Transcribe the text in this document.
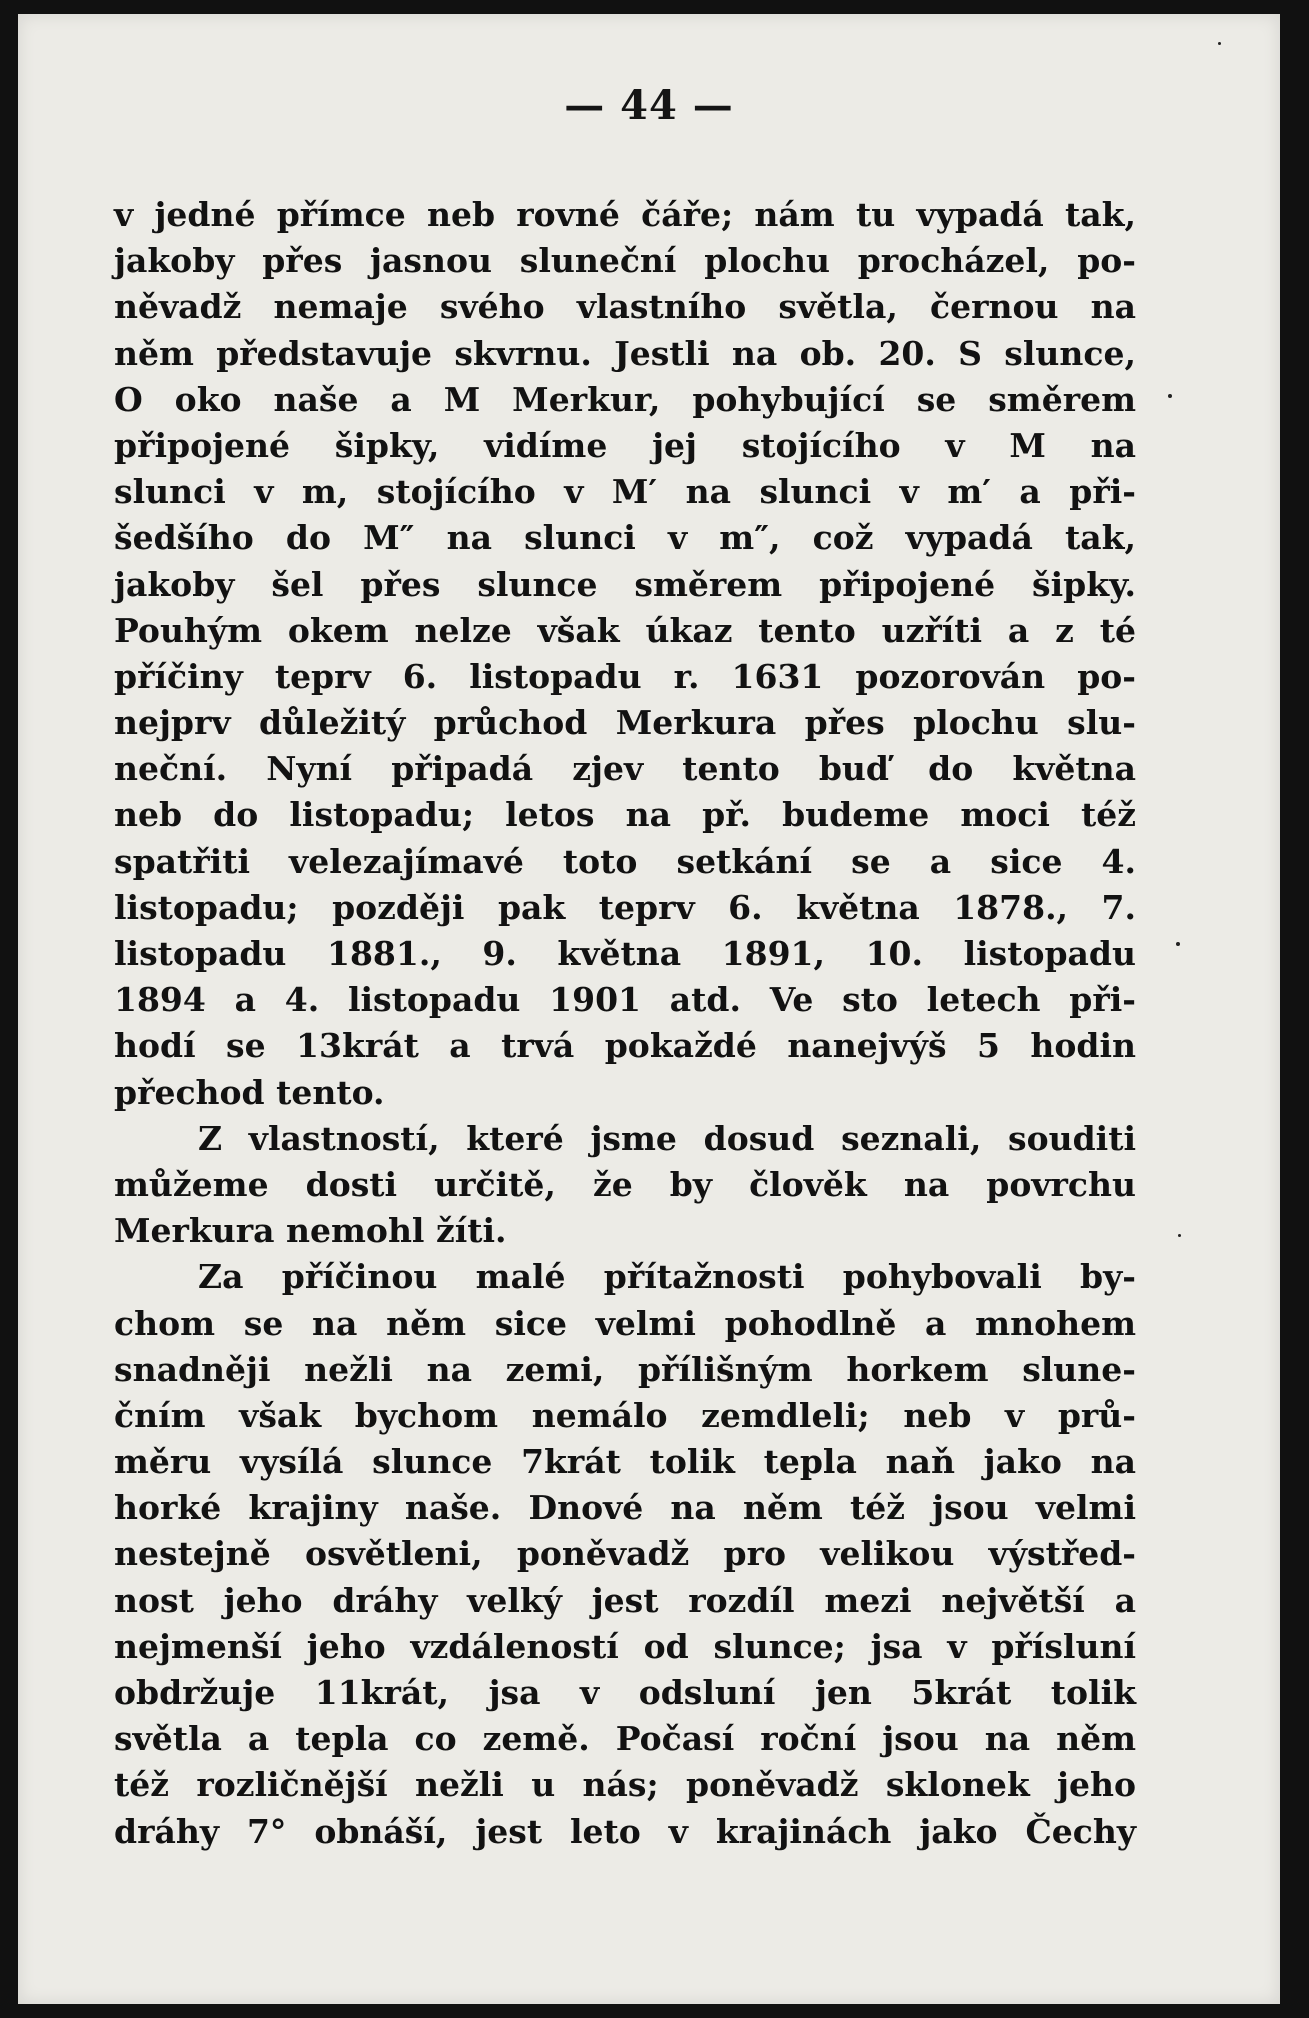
— 44 —
v jedné přímce neb rovné čáře; nám tu vypadá tak,
jakoby přes jasnou sluneční plochu procházel, po-
něvadž nemaje svého vlastního světla, černou na
něm představuje skvrnu. Jestli na ob. 20. S slunce,
O oko naše a M Merkur, pohybující se směrem
připojené šipky, vidíme jej stojícího v M na
slunci v m, stojícího v M′ na slunci v m′ a při-
šedšího do M″ na slunci v m″, což vypadá tak,
jakoby šel přes slunce směrem připojené šipky.
Pouhým okem nelze však úkaz tento uzříti a z té
příčiny teprv 6. listopadu r. 1631 pozorován po-
nejprv důležitý průchod Merkura přes plochu slu-
neční. Nyní připadá zjev tento buď do května
neb do listopadu; letos na př. budeme moci též
spatřiti velezajímavé toto setkání se a sice 4.
listopadu; později pak teprv 6. května 1878., 7.
listopadu 1881., 9. května 1891, 10. listopadu
1894 a 4. listopadu 1901 atd. Ve sto letech při-
hodí se 13krát a trvá pokaždé nanejvýš 5 hodin
přechod tento.
Z vlastností, které jsme dosud seznali, souditi
můžeme dosti určitě, že by člověk na povrchu
Merkura nemohl žíti.
Za příčinou malé přítažnosti pohybovali by-
chom se na něm sice velmi pohodlně a mnohem
snadněji nežli na zemi, přílišným horkem slune-
čním však bychom nemálo zemdleli; neb v prů-
měru vysílá slunce 7krát tolik tepla naň jako na
horké krajiny naše. Dnové na něm též jsou velmi
nestejně osvětleni, poněvadž pro velikou výstřed-
nost jeho dráhy velký jest rozdíl mezi největší a
nejmenší jeho vzdáleností od slunce; jsa v přísluní
obdržuje 11krát, jsa v odsluní jen 5krát tolik
světla a tepla co země. Počasí roční jsou na něm
též rozličnější nežli u nás; poněvadž sklonek jeho
dráhy 7° obnáší, jest leto v krajinách jako Čechy
